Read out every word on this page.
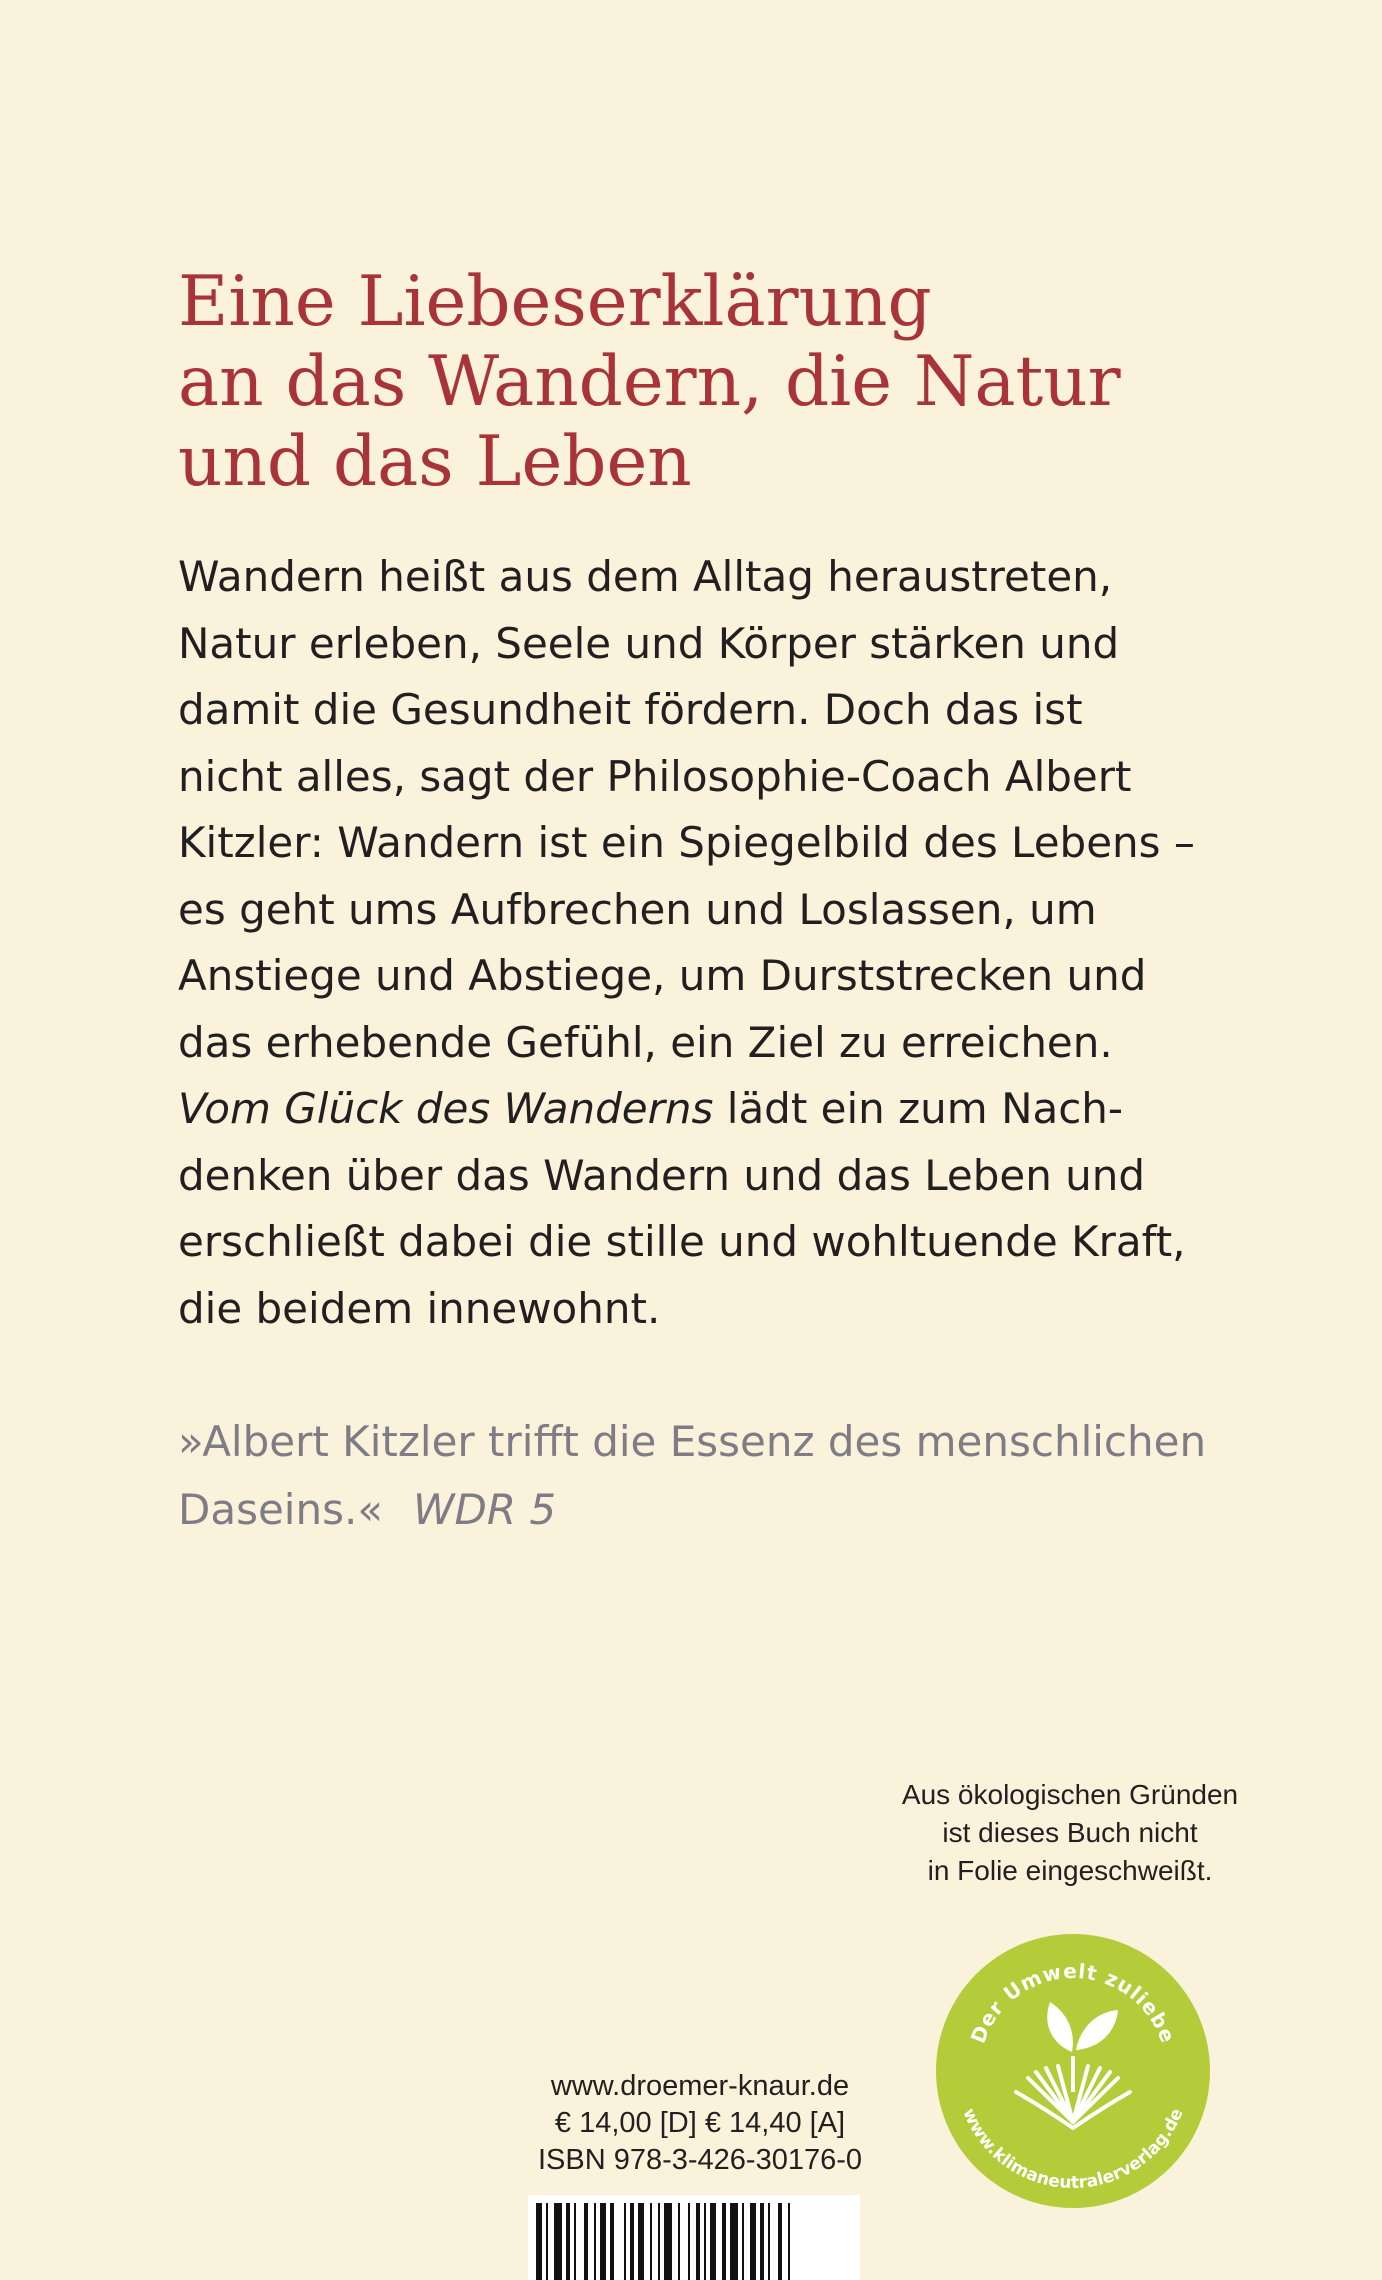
Eine Liebeserklärung
an das Wandern, die Natur
und das Leben
Wandern heißt aus dem Alltag heraustreten,
Natur erleben, Seele und Körper stärken und
damit die Gesundheit fördern. Doch das ist
nicht alles, sagt der Philosophie-Coach Albert
Kitzler: Wandern ist ein Spiegelbild des Lebens –
es geht ums Aufbrechen und Loslassen, um
Anstiege und Abstiege, um Durststrecken und
das erhebende Gefühl, ein Ziel zu erreichen.
Vom Glück des Wanderns lädt ein zum Nach-
denken über das Wandern und das Leben und
erschließt dabei die stille und wohltuende Kraft,
die beidem innewohnt.
»Albert Kitzler trifft die Essenz des menschlichen
Daseins.« WDR 5
Aus ökologischen Gründen
ist dieses Buch nicht
in Folie eingeschweißt.
Der Umwelt zuliebe
www.klimaneutralerverlag.de
www.droemer-knaur.de
€ 14,00 [D] € 14,40 [A]
ISBN 978-3-426-30176-0
